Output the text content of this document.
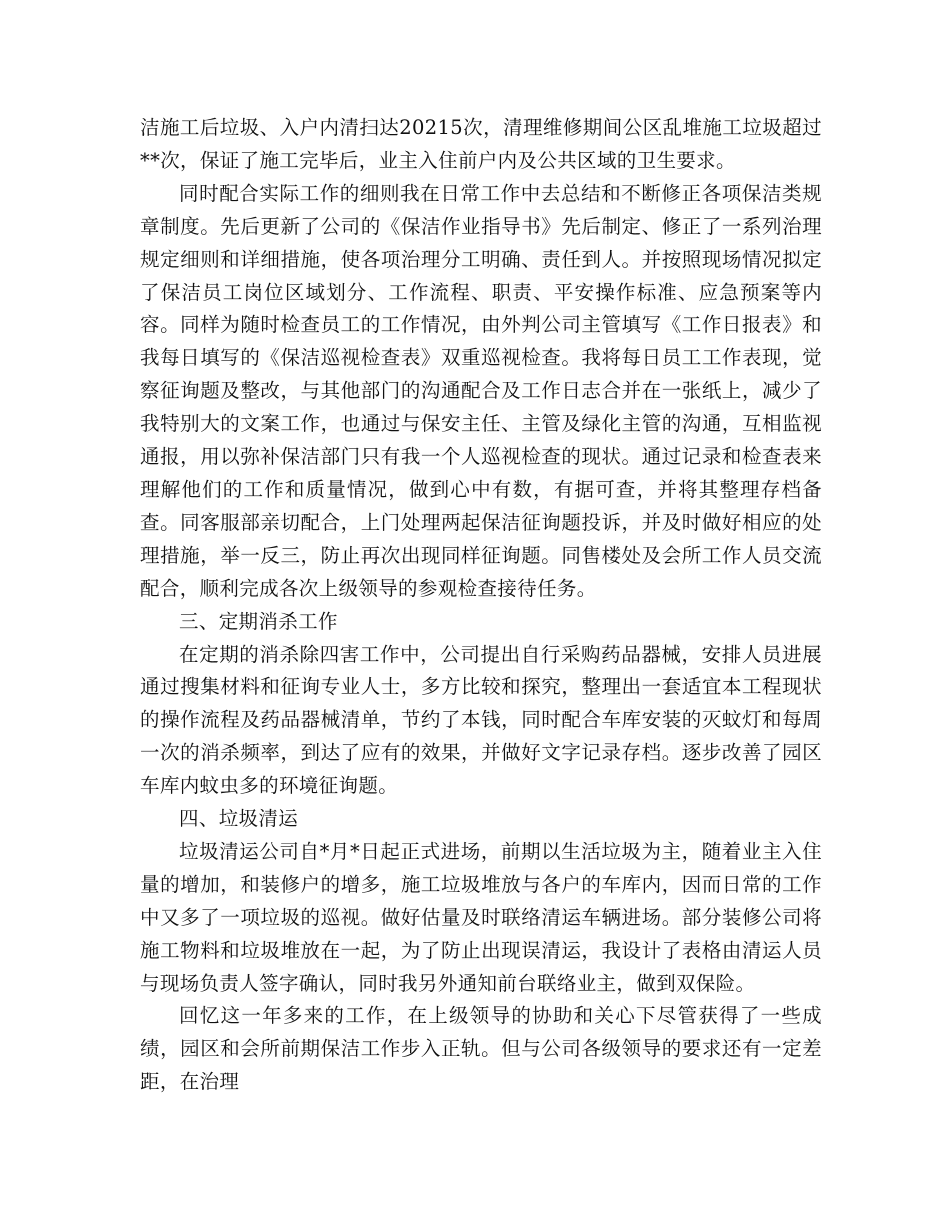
洁施工后垃圾、入户内清扫达20215次，清理维修期间公区乱堆施工垃圾超过**次，保证了施工完毕后，业主入住前户内及公共区域的卫生要求。

同时配合实际工作的细则我在日常工作中去总结和不断修正各项保洁类规章制度。先后更新了公司的《保洁作业指导书》先后制定、修正了一系列治理规定细则和详细措施，使各项治理分工明确、责任到人。并按照现场情况拟定了保洁员工岗位区域划分、工作流程、职责、平安操作标准、应急预案等内容。同样为随时检查员工的工作情况，由外判公司主管填写《工作日报表》和我每日填写的《保洁巡视检查表》双重巡视检查。我将每日员工工作表现，觉察征询题及整改，与其他部门的沟通配合及工作日志合并在一张纸上，减少了我特别大的文案工作，也通过与保安主任、主管及绿化主管的沟通，互相监视通报，用以弥补保洁部门只有我一个人巡视检查的现状。通过记录和检查表来理解他们的工作和质量情况，做到心中有数，有据可查，并将其整理存档备查。同客服部亲切配合，上门处理两起保洁征询题投诉，并及时做好相应的处理措施，举一反三，防止再次出现同样征询题。同售楼处及会所工作人员交流配合，顺利完成各次上级领导的参观检查接待任务。

三、定期消杀工作

在定期的消杀除四害工作中，公司提出自行采购药品器械，安排人员进展通过搜集材料和征询专业人士，多方比较和探究，整理出一套适宜本工程现状的操作流程及药品器械清单，节约了本钱，同时配合车库安装的灭蚊灯和每周一次的消杀频率，到达了应有的效果，并做好文字记录存档。逐步改善了园区车库内蚊虫多的环境征询题。

四、垃圾清运

垃圾清运公司自*月*日起正式进场，前期以生活垃圾为主，随着业主入住量的增加，和装修户的增多，施工垃圾堆放与各户的车库内，因而日常的工作中又多了一项垃圾的巡视。做好估量及时联络清运车辆进场。部分装修公司将施工物料和垃圾堆放在一起，为了防止出现误清运，我设计了表格由清运人员与现场负责人签字确认，同时我另外通知前台联络业主，做到双保险。

回忆这一年多来的工作，在上级领导的协助和关心下尽管获得了一些成绩，园区和会所前期保洁工作步入正轨。但与公司各级领导的要求还有一定差距，在治理
